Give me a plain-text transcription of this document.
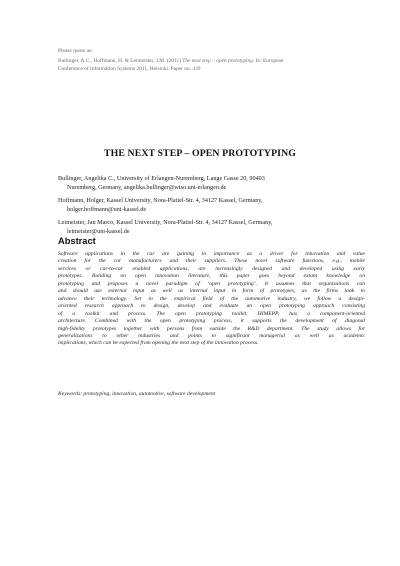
Please quote as:
Bullinger, A.C., Hoffmann, H. & Leimeister, J.M. (2011) The next step – open prototyping. In: European
Conference of Information Systems 2011, Helsinki. Paper no. 439
THE NEXT STEP – OPEN PROTOTYPING
Bullinger, Angelika C., University of Erlangen-Nuremberg, Lange Gasse 20, 90403
Nuremberg, Germany, angelika.bullinger@wiso.uni-erlangen.de
Hoffmann, Holger, Kassel University, Nora-Platiel-Str. 4, 34127 Kassel, Germany,
holger.hoffmann@uni-kassel.de
Leimeister, Jan Marco, Kassel University, Nora-Platiel-Str. 4, 34127 Kassel, Germany,
leimeister@uni-kassel.de
Abstract
Software applications in the car are gaining in importance as a driver for innovation and value
creation for the car manufacturers and their suppliers. These novel software functions, e.g., mobile
services or car-to-car enabled applications, are increasingly designed and developed using early
prototypes. Building on open innovation literature, this paper goes beyond extant knowledge on
prototyping and proposes a novel paradigm of ‘open prototyping’. It assumes that organizations can
and should use external input as well as internal input in form of prototypes, as the firms look to
advance their technology. Set in the empirical field of the automotive industry, we follow a design-
oriented research approach to design, develop and evaluate an open prototyping approach consisting
of a toolkit and process. The open prototyping toolkit, HIMEPP, has a component-oriented
architecture. Combined with the open prototyping process, it supports the development of diagonal
high-fidelity prototypes together with persons from outside the R&D department. The study allows for
generalizations to other industries and points to significant managerial as well as academic
implications, which can be expected from opening the next step of the innovation process.
Keywords: prototyping, innovation, automotive, software development
